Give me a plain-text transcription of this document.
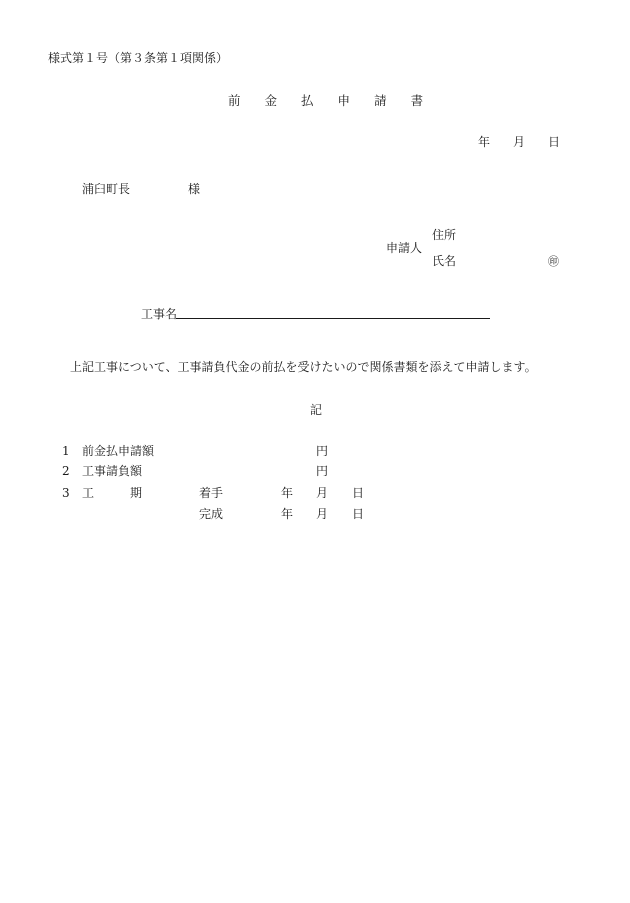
様式第１号（第３条第１項関係）
前 金 払 申 請 書
年 月 日
浦臼町長	様
申請人
住所
氏名	㊞
工事名
上記工事について、工事請負代金の前払を受けたいので関係書類を添えて申請します。
記
1 前金払申請額	円
2 工事請負額	円
3 工	期	着手	年 月 日
完成	年 月 日
